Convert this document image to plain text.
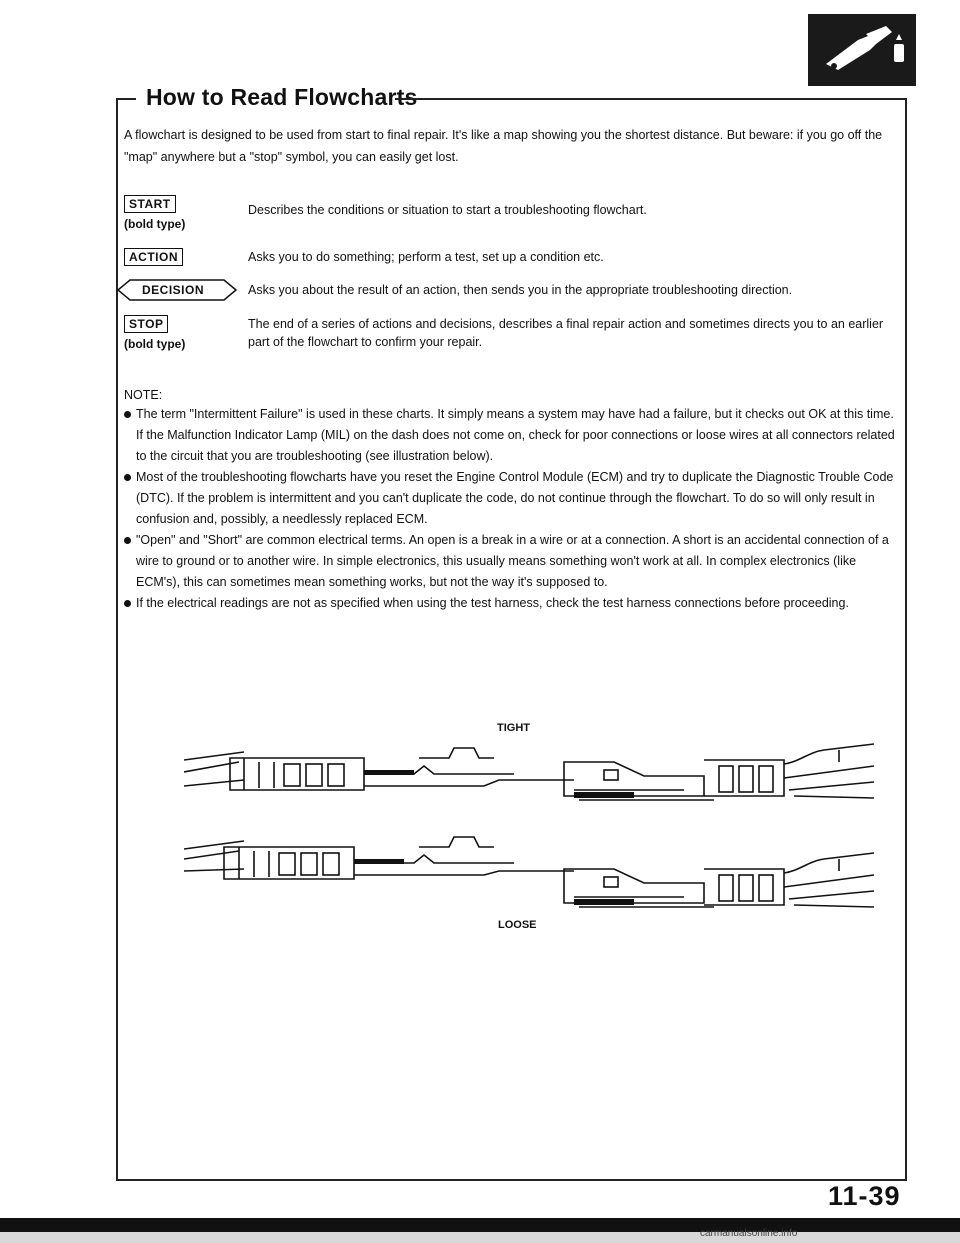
How to Read Flowcharts
A flowchart is designed to be used from start to final repair. It's like a map showing you the shortest distance. But beware: if you go off the "map" anywhere but a "stop" symbol, you can easily get lost.
START
(bold type)
Describes the conditions or situation to start a troubleshooting flowchart.
ACTION	Asks you to do something; perform a test, set up a condition etc.
DECISION	Asks you about the result of an action, then sends you in the appropriate troubleshooting direction.
STOP
(bold type)
The end of a series of actions and decisions, describes a final repair action and sometimes directs you to an earlier part of the flowchart to confirm your repair.
NOTE:
The term "Intermittent Failure" is used in these charts. It simply means a system may have had a failure, but it checks out OK at this time. If the Malfunction Indicator Lamp (MIL) on the dash does not come on, check for poor connections or loose wires at all connectors related to the circuit that you are troubleshooting (see illustration below).
Most of the troubleshooting flowcharts have you reset the Engine Control Module (ECM) and try to duplicate the Diagnostic Trouble Code (DTC). If the problem is intermittent and you can't duplicate the code, do not continue through the flowchart. To do so will only result in confusion and, possibly, a needlessly replaced ECM.
"Open" and "Short" are common electrical terms. An open is a break in a wire or at a connection. A short is an accidental connection of a wire to ground or to another wire. In simple electronics, this usually means something won't work at all. In complex electronics (like ECM's), this can sometimes mean something works, but not the way it's supposed to.
If the electrical readings are not as specified when using the test harness, check the test harness connections before proceeding.
TIGHT
LOOSE
11-39
carmanualsonline.info
